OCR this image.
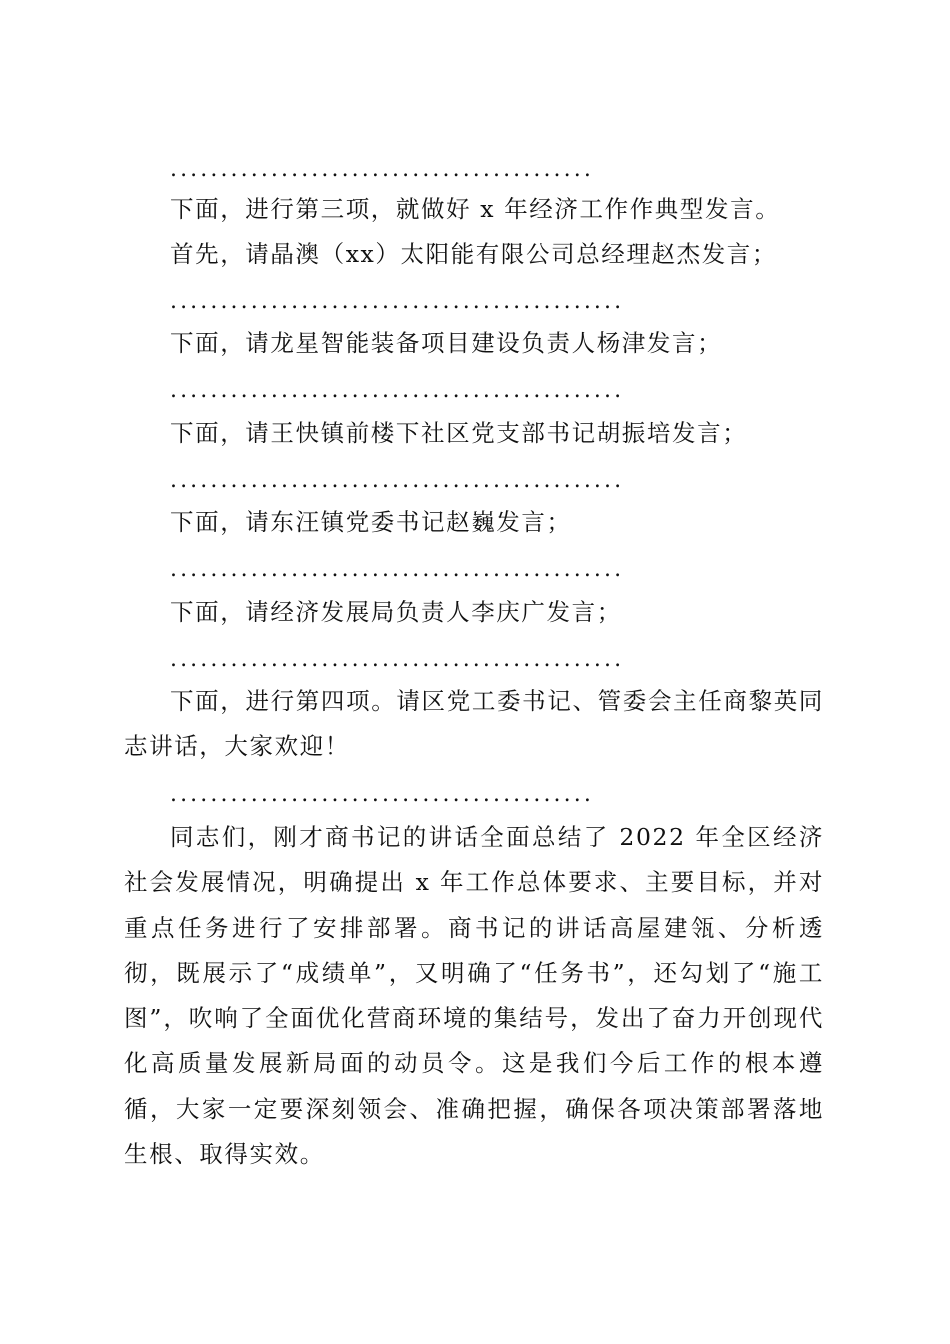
..........................................
下面，进行第三项，就做好 x 年经济工作作典型发言。
首先，请晶澳（xx）太阳能有限公司总经理赵杰发言；
.............................................
下面，请龙星智能装备项目建设负责人杨津发言；
.............................................
下面，请王快镇前楼下社区党支部书记胡振培发言；
.............................................
下面，请东汪镇党委书记赵巍发言；
.............................................
下面，请经济发展局负责人李庆广发言；
.............................................

下面，进行第四项。请区党工委书记、管委会主任商黎英同志讲话，大家欢迎！

..........................................

同志们，刚才商书记的讲话全面总结了 2022 年全区经济社会发展情况，明确提出 x 年工作总体要求、主要目标，并对重点任务进行了安排部署。商书记的讲话高屋建瓴、分析透彻，既展示了“成绩单”，又明确了“任务书”，还勾划了“施工图”，吹响了全面优化营商环境的集结号，发出了奋力开创现代化高质量发展新局面的动员令。这是我们今后工作的根本遵循，大家一定要深刻领会、准确把握，确保各项决策部署落地生根、取得实效。
